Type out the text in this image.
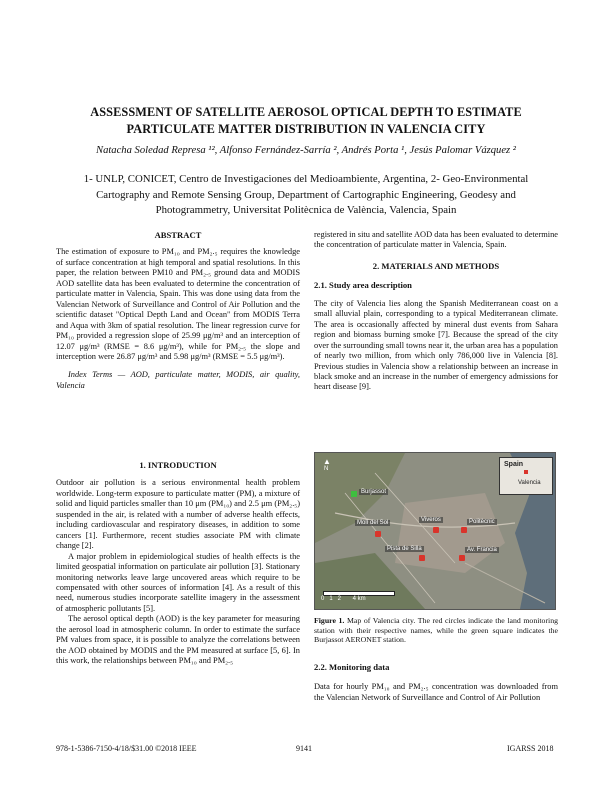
ASSESSMENT OF SATELLITE AEROSOL OPTICAL DEPTH TO ESTIMATE
PARTICULATE MATTER DISTRIBUTION IN VALENCIA CITY
Natacha Soledad Represa ¹², Alfonso Fernández-Sarría ², Andrés Porta ¹, Jesús Palomar Vázquez ²
1- UNLP, CONICET, Centro de Investigaciones del Medioambiente, Argentina, 2- Geo-Environmental Cartography and Remote Sensing Group, Department of Cartographic Engineering, Geodesy and Photogrammetry, Universitat Politècnica de València, Valencia, Spain

ABSTRACT

The estimation of exposure to PM₁₀ and PM₂.₅ requires the knowledge of surface concentration at high temporal and spatial resolutions. In this paper, the relation between PM10 and PM₂.₅ ground data and MODIS AOD satellite data has been evaluated to determine the concentration of particulate matter in Valencia, Spain. This was done using data from the Valencian Network of Surveillance and Control of Air Pollution and the scientific dataset "Optical Depth Land and Ocean" from MODIS Terra and Aqua with 3km of spatial resolution. The linear regression curve for PM₁₀ provided a regression slope of 25.99 μg/m³ and an interception of 12.07 μg/m³ (RMSE = 8.6 μg/m³), while for PM₂.₅ the slope and interception were 26.87 μg/m³ and 5.98 μg/m³ (RMSE = 5.5 μg/m³).

Index Terms — AOD, particulate matter, MODIS, air quality, Valencia

1. INTRODUCTION

Outdoor air pollution is a serious environmental health problem worldwide. Long-term exposure to particulate matter (PM), a mixture of solid and liquid particles smaller than 10 μm (PM₁₀) and 2.5 μm (PM₂.₅) suspended in the air, is related with a number of adverse health effects, including cardiovascular and respiratory diseases, in addition to some cancers [1]. Furthermore, recent studies associate PM with climate change [2].

A major problem in epidemiological studies of health effects is the limited geospatial information on particulate air pollution [3]. Stationary monitoring networks leave large uncovered areas which require to be compensated with other sources of information [4]. As a result of this need, numerous studies incorporate satellite imagery in the assessment of atmospheric pollutants [5].

The aerosol optical depth (AOD) is the key parameter for measuring the aerosol load in atmospheric column. In order to estimate the surface PM values from space, it is possible to analyze the correlations between the AOD obtained by MODIS and the PM measured at surface [5, 6]. In this work, the relationships between PM₁₀ and PM₂.₅

registered in situ and satellite AOD data has been evaluated to determine the concentration of particulate matter in Valencia, Spain.

2. MATERIALS AND METHODS

2.1. Study area description

The city of Valencia lies along the Spanish Mediterranean coast on a small alluvial plain, corresponding to a typical Mediterranean climate. The area is occasionally affected by mineral dust events from Sahara region and biomass burning smoke [7]. Because the spread of the city over the surrounding small towns near it, the urban area has a population of nearly two million, from which only 786,000 live in Valencia [8]. Previous studies in Valencia show a relationship between an increase in black smoke and an increase in the number of emergency admissions for heart disease [9].

Spain
Valencia
▲
N
Burjassot
Molí del Sol	Viveros	Politècnic
Pista de Silla	Av. Francia
0   1   2       4 km
Figure 1. Map of Valencia city. The red circles indicate the land monitoring station with their respective names, while the green square indicates the Burjassot AERONET station.

2.2. Monitoring data

Data for hourly PM₁₀ and PM₂.₅ concentration was downloaded from the Valencian Network of Surveillance and Control of Air Pollution

978-1-5386-7150-4/18/$31.00 ©2018 IEEE	9141	IGARSS 2018
